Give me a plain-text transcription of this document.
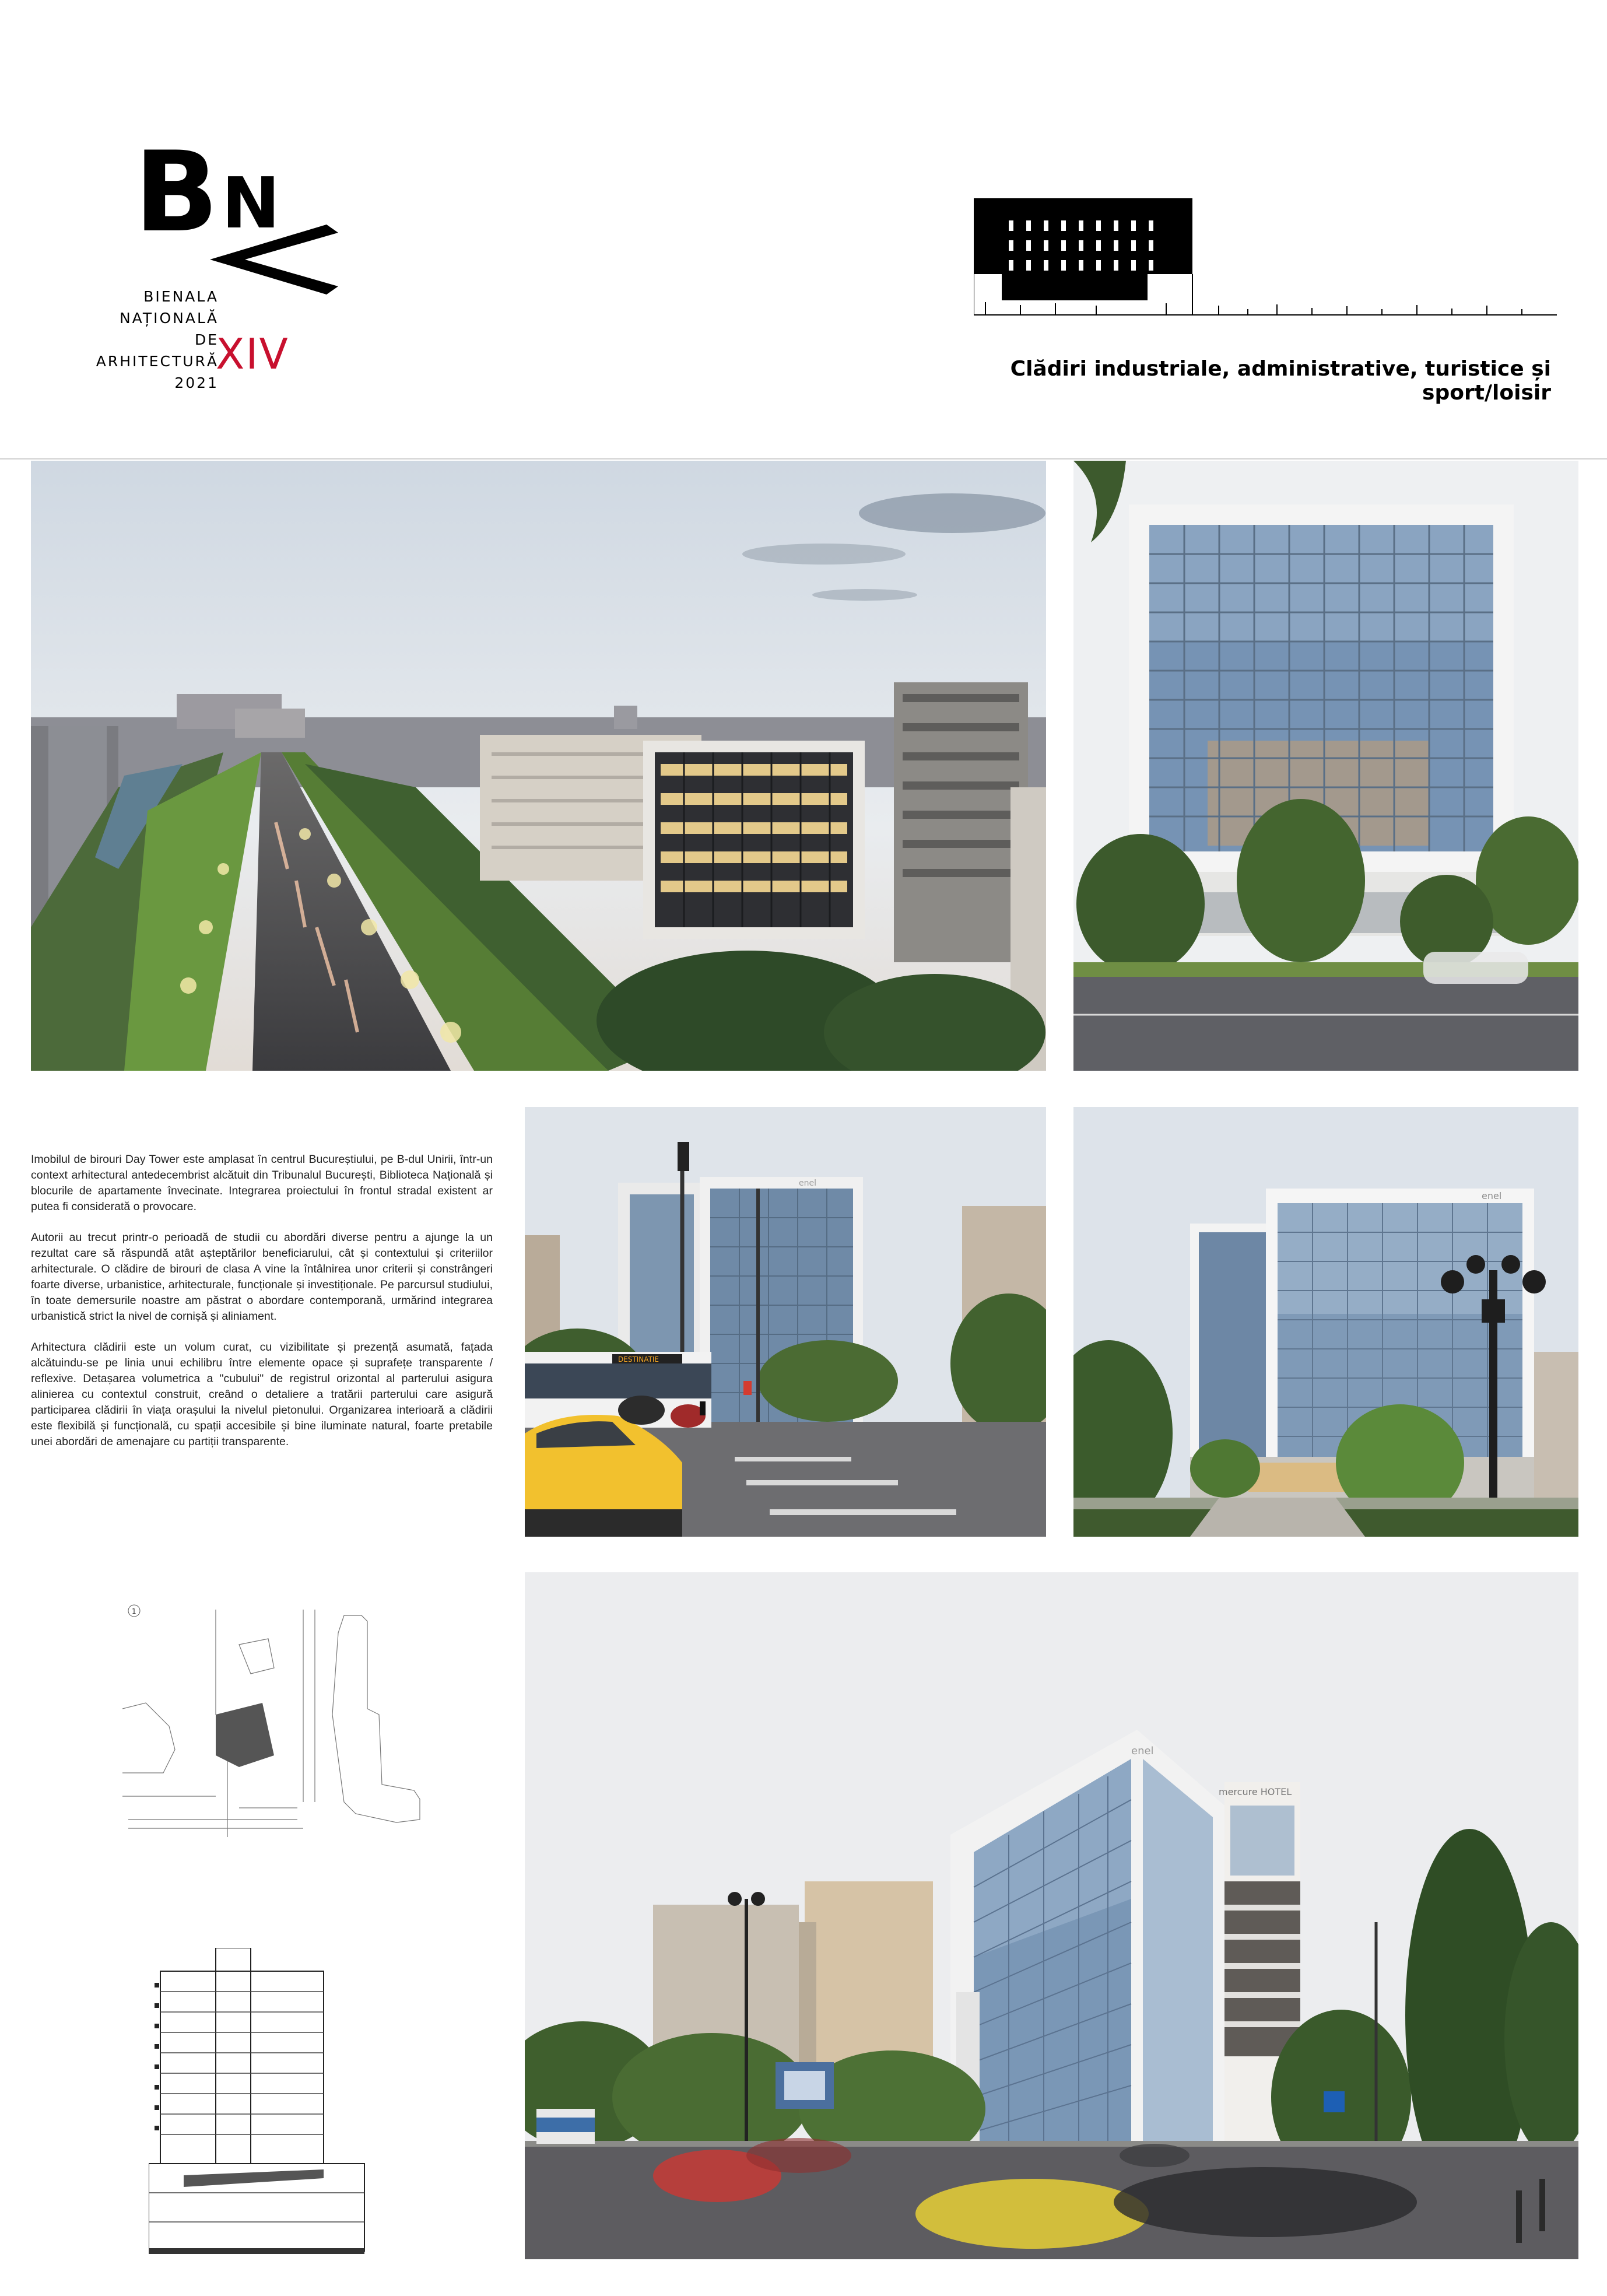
B N
BIENALA
NAȚIONALĂ
DE
ARHITECTURĂ
2021
XIV	Clădiri industriale, administrative, turistice și sport/loisir

Imobilul de birouri Day Tower este amplasat în centrul Bucureștiului, pe B-dul Unirii, într-un context arhitectural antedecembrist alcătuit din Tribunalul București, Biblioteca Națională și blocurile de apartamente învecinate. Integrarea proiectului în frontul stradal existent ar putea fi considerată o provocare.

Autorii au trecut printr-o perioadă de studii cu abordări diverse pentru a ajunge la un rezultat care să răspundă atât așteptărilor beneficiarului, cât și contextului și criteriilor arhitecturale. O clădire de birouri de clasa A vine la întâlnirea unor criterii și constrângeri foarte diverse, urbanistice, arhitecturale, funcționale și investiționale. Pe parcursul studiului, în toate demersurile noastre am păstrat o abordare contemporană, urmărind integrarea urbanistică strict la nivel de cornișă și aliniament.

Arhitectura clădirii este un volum curat, cu vizibilitate și prezență asumată, fațada alcătuindu-se pe linia unui echilibru între elemente opace și suprafețe transparente / reflexive. Detașarea volumetrica a "cubului" de registrul orizontal al parterului asigura alinierea cu contextul construit, creând o detaliere a tratării parterului care asigură participarea clădirii în viața orașului la nivelul pietonului. Organizarea interioară a clădirii este flexibilă și funcțională, cu spații accesibile și bine iluminate natural, foarte pretabile unei abordări de amenajare cu partiții transparente.

enel
DESTINATIE
enel
1
enel
mercure HOTEL
